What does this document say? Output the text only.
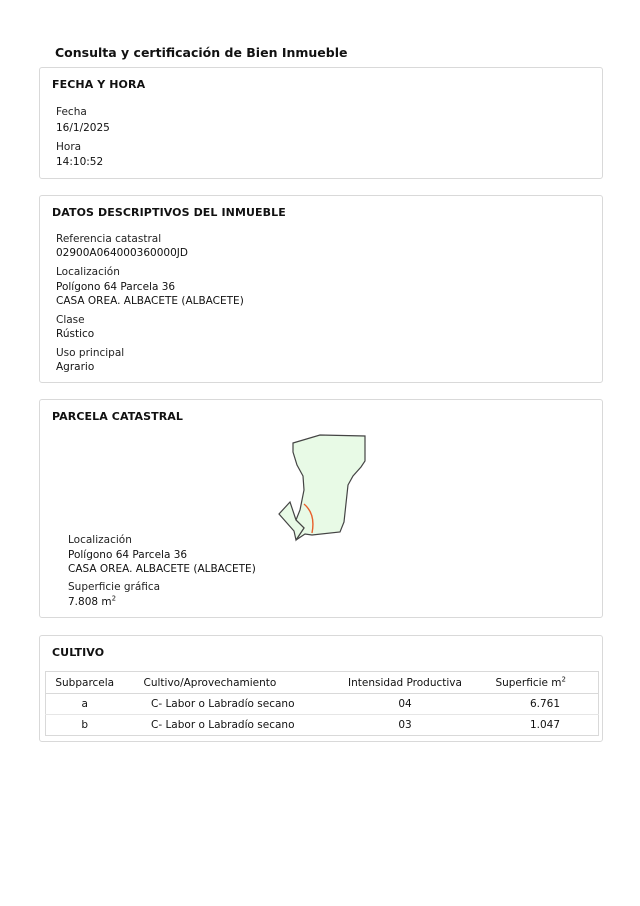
Consulta y certificación de Bien Inmueble
FECHA Y HORA
Fecha
16/1/2025
Hora
14:10:52
DATOS DESCRIPTIVOS DEL INMUEBLE
Referencia catastral
02900A064000360000JD
Localización
Polígono 64 Parcela 36
CASA OREA. ALBACETE (ALBACETE)
Clase
Rústico
Uso principal
Agrario
PARCELA CATASTRAL
Localización
Polígono 64 Parcela 36
CASA OREA. ALBACETE (ALBACETE)
Superficie gráfica
7.808 $m^2$
CULTIVO
Subparcela	Cultivo/Aprovechamiento	Intensidad Productiva	Superficie $m^2$
a	C- Labor o Labradío secano	04	6.761
b	C- Labor o Labradío secano	03	1.047
